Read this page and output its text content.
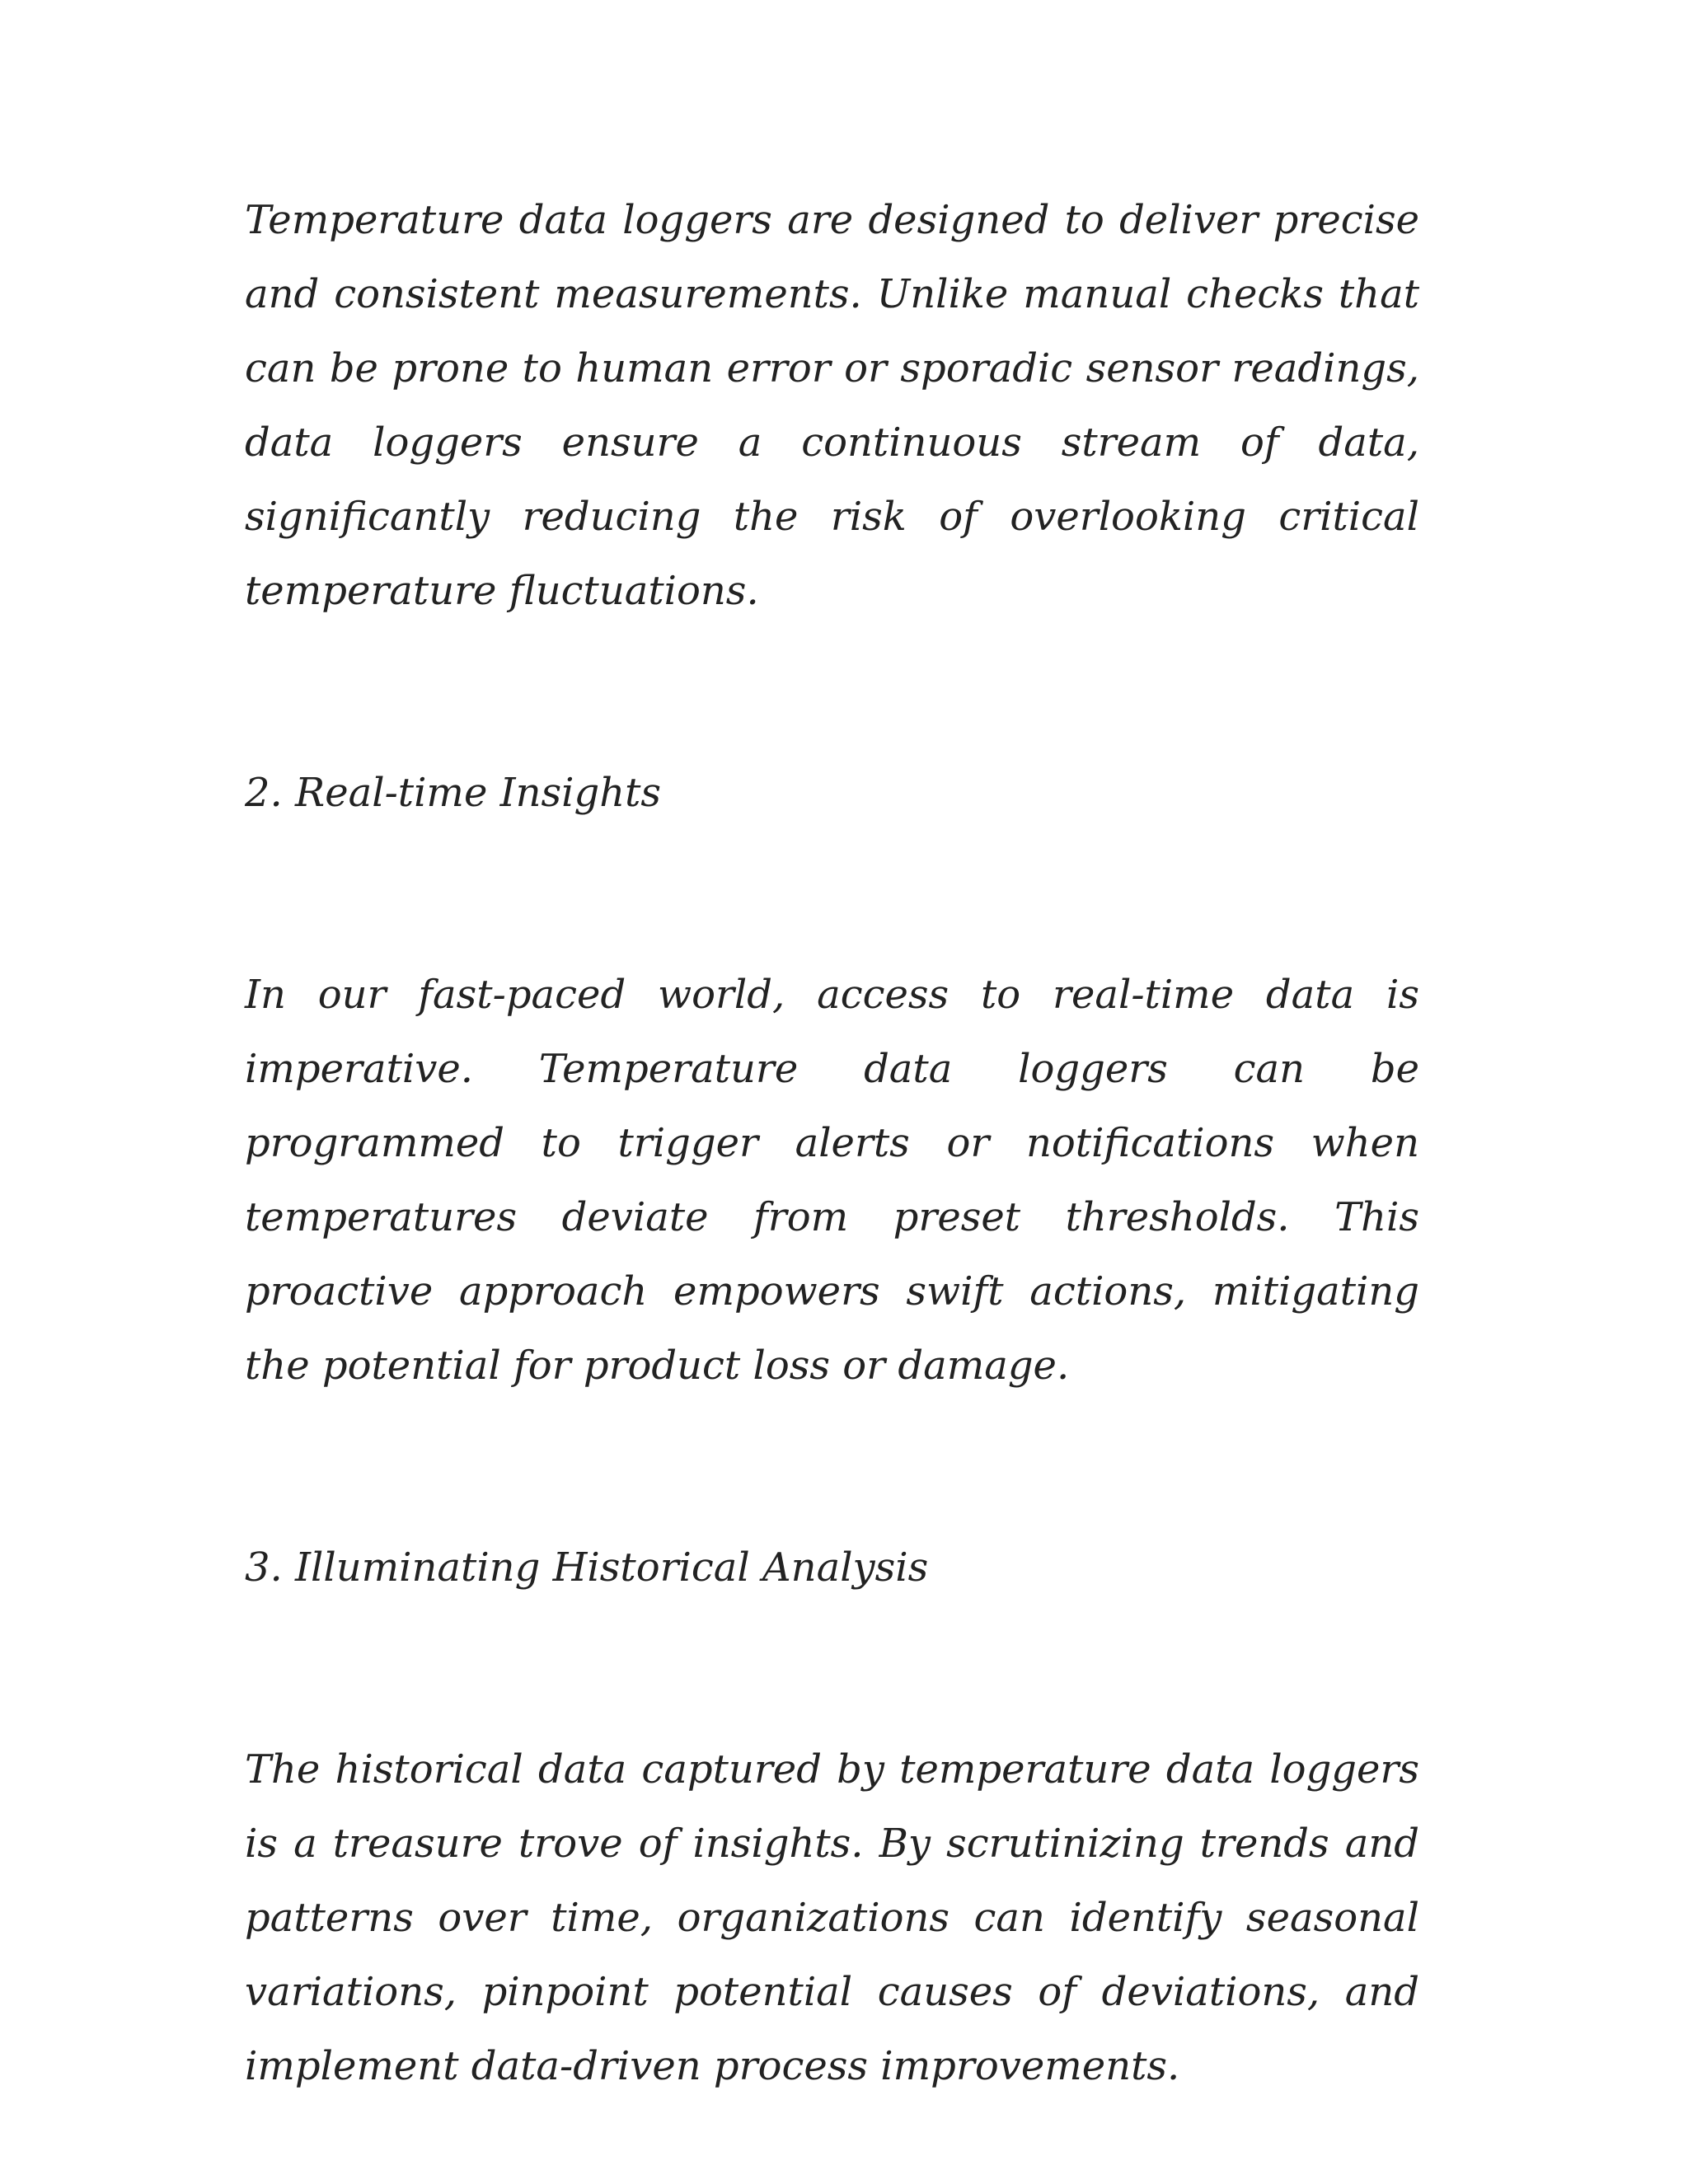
Temperature data loggers are designed to deliver precise and consistent measurements. Unlike manual checks that can be prone to human error or sporadic sensor readings, data loggers ensure a continuous stream of data, significantly reducing the risk of overlooking critical temperature fluctuations.

2. Real-time Insights

In our fast-paced world, access to real-time data is imperative. Temperature data loggers can be programmed to trigger alerts or notifications when temperatures deviate from preset thresholds. This proactive approach empowers swift actions, mitigating the potential for product loss or damage.

3. Illuminating Historical Analysis

The historical data captured by temperature data loggers is a treasure trove of insights. By scrutinizing trends and patterns over time, organizations can identify seasonal variations, pinpoint potential causes of deviations, and implement data-driven process improvements.
